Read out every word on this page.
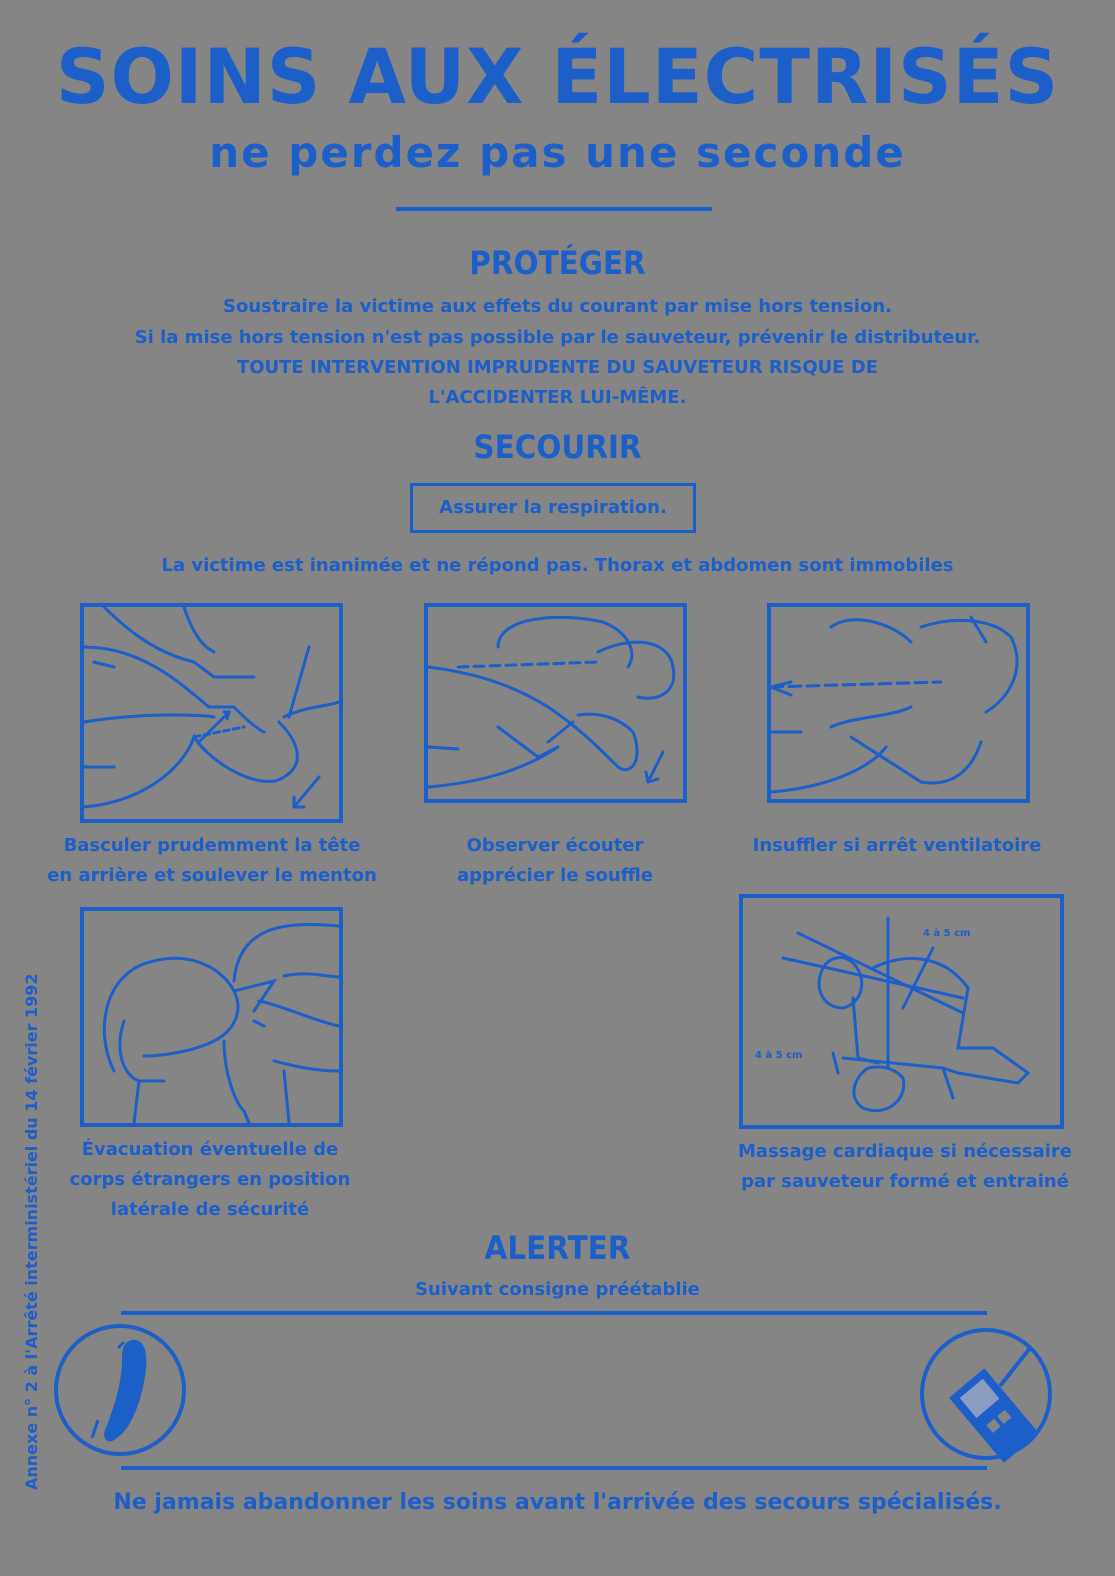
SOINS AUX ÉLECTRISÉS
ne perdez pas une seconde
PROTÉGER
Soustraire la victime aux effets du courant par mise hors tension.
Si la mise hors tension n'est pas possible par le sauveteur, prévenir le distributeur.
TOUTE INTERVENTION IMPRUDENTE DU SAUVETEUR RISQUE DE
L'ACCIDENTER LUI-MÊME.
SECOURIR
Assurer la respiration.
La victime est inanimée et ne répond pas. Thorax et abdomen sont immobiles
Basculer prudemment la tête
en arrière et soulever le menton
Observer écouter
apprécier le souffle
Insuffler si arrêt ventilatoire
Évacuation éventuelle de
corps étrangers en position
latérale de sécurité
4 à 5 cm
4 à 5 cm
Massage cardiaque si nécessaire
par sauveteur formé et entrainé
Annexe n° 2 à l'Arrêté interministériel du 14 février 1992	ALERTER
Suivant consigne préétablie
Ne jamais abandonner les soins avant l'arrivée des secours spécialisés.
